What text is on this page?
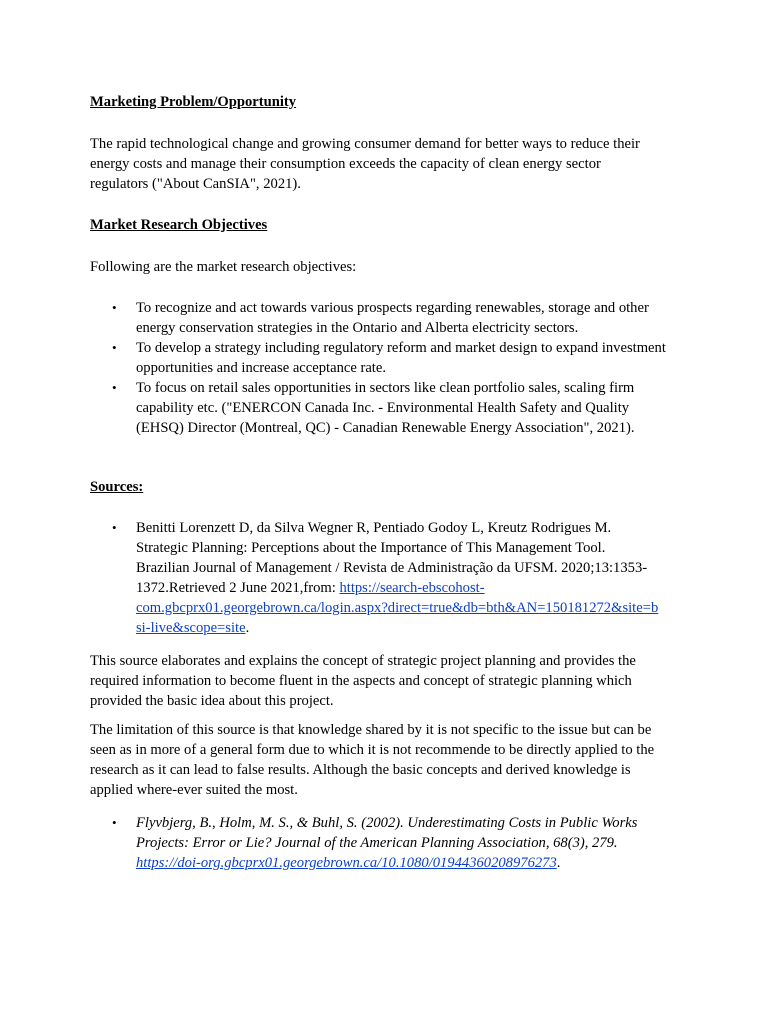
Marketing Problem/Opportunity
The rapid technological change and growing consumer demand for better ways to reduce their
energy costs and manage their consumption exceeds the capacity of clean energy sector
regulators ("About CanSIA", 2021).
Market Research Objectives
Following are the market research objectives:
• To recognize and act towards various prospects regarding renewables, storage and other
energy conservation strategies in the Ontario and Alberta electricity sectors.
• To develop a strategy including regulatory reform and market design to expand investment
opportunities and increase acceptance rate.
• To focus on retail sales opportunities in sectors like clean portfolio sales, scaling firm
capability etc. ("ENERCON Canada Inc. - Environmental Health Safety and Quality
(EHSQ) Director (Montreal, QC) - Canadian Renewable Energy Association", 2021).
Sources:
• Benitti Lorenzett D, da Silva Wegner R, Pentiado Godoy L, Kreutz Rodrigues M.
Strategic Planning: Perceptions about the Importance of This Management Tool.
Brazilian Journal of Management / Revista de Administração da UFSM. 2020;13:1353-
1372.Retrieved 2 June 2021,from: https://search-ebscohost-
com.gbcprx01.georgebrown.ca/login.aspx?direct=true&db=bth&AN=150181272&site=b
si-live&scope=site.
This source elaborates and explains the concept of strategic project planning and provides the
required information to become fluent in the aspects and concept of strategic planning which
provided the basic idea about this project.
The limitation of this source is that knowledge shared by it is not specific to the issue but can be
seen as in more of a general form due to which it is not recommende to be directly applied to the
research as it can lead to false results. Although the basic concepts and derived knowledge is
applied where-ever suited the most.
• Flyvbjerg, B., Holm, M. S., & Buhl, S. (2002). Underestimating Costs in Public Works
Projects: Error or Lie? Journal of the American Planning Association, 68(3), 279.
https://doi-org.gbcprx01.georgebrown.ca/10.1080/01944360208976273.
